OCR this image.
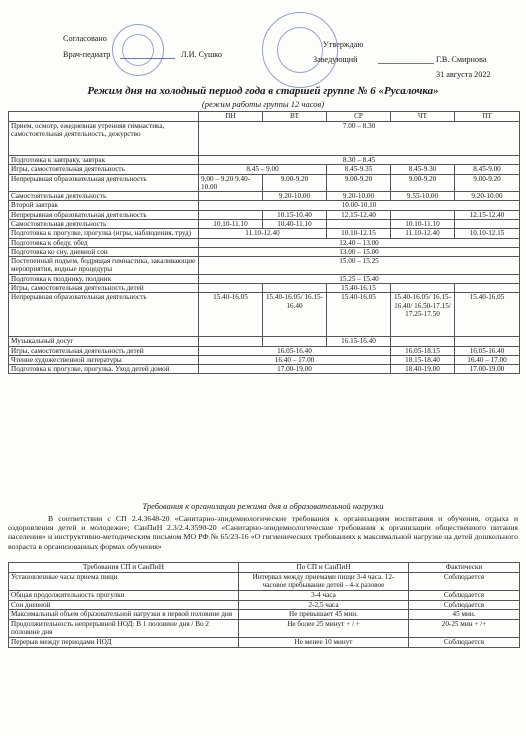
Согласовано
Врач-педиатр	Л.И. Сушко
Утверждаю
Заведующий	Г.В. Смирнова
31 августа 2022
Режим дня на холодный период года в старшей группе № 6 «Русалочка»
(режим работы группы 12 часов)
	ПН	ВТ	СР	ЧТ	ПТ
Прием, осмотр, ежедневная утренняя гимнастика, самостоятельная деятельность, дежурство	7.00 – 8.30				
Подготовка к завтраку, завтрак	8.30 – 8.45				
Игры, самостоятельная деятельность	8.45 – 9.00		8.45-9.35	8.45-9.30	8.45-9.00
Непрерывная образовательная деятельность	9.00 – 9.20 9.40-10.00	9.00-9.20	9.00-9.20	9.00-9.20	9.00-9.20
Самостоятельная деятельность		9.20-10.00	9.20-10.00	9.55-10.00	9.20-10.00
Второй завтрак	10.00-10.10				
Непрерывная образовательная деятельность		10.15-10.40	12.15-12.40		12.15-12.40
Самостоятельная деятельность	10.10-11.10	10.40-11.10		10.10-11.10	
Подготовка к прогулке, прогулка (игры, наблюдения, труд)	11.10-12.40		10.10-12.15	11.10-12.40	10.10-12.15
Подготовка к обеду, обед	12.40 – 13.00				
Подготовка ко сну, дневной сон	13.00 – 15.00				
Постепенный подъем, бодрящая гимнастика, закаливающие мероприятия, водные процедуры	15.00 – 15.25				
Подготовка к полднику, полдник	15.25 – 15.40				
Игры, самостоятельная деятельность детей			15.40-16.15		
Непрерывная образовательная деятельность	15.40-16.05	15.40-16.05/ 16.15-16.40	15.40-16.05	15.40-16.05/ 16.15-16.40/ 16.50-17.15/ 17.25-17.50	15.40-16.05
Музыкальный досуг			16.15-16.40		
Игры, самостоятельная деятельность детей	16.05-16.40			16.05-18.15	16.05-16.40
Чтение художественной литературы	16.40 – 17.00			18.15-18.40	16.40 – 17.00
Подготовка к прогулке, прогулка. Уход детей домой	17.00-19.00			18.40-19.00	17.00-19.00
Требования к организации режима дня и образовательной нагрузки
В соответствии с СП 2.4.3648-20 «Санитарно-эпидемиологические требования к организациям воспитания и обучения, отдыха и оздоровления детей и молодежи»; СанПиН 2.3/2.4.3590-20 «Санитарно-эпидемиологические требования к организации общественного питания населения» и инструктивно-методическим письмом МО РФ № 65/23-16 «О гигиенических требованиях к максимальной нагрузке на детей дошкольного возраста в организованных формах обучения»
Требования СП и СанПиН	По СП и СанПиН	Фактически
Установленные часы приема пищи	Интервал между приемами пищи 3-4 часа. 12-часовое пребывание детей - 4-х разовое	Соблюдается
Общая продолжительность прогулки	3-4 часа	Соблюдается
Сон дневной	2-2,5 часа	Соблюдается
Максимальный объем образовательной нагрузки в первой половине дня	Не превышает 45 мин.	45 мин.
Продолжительность непрерывной НОД: В 1 половине дня / Во 2 половине дня	Не более 25 минут + / +	20-25 мин + /+
Перерыв между периодами НОД	Не менее 10 минут	Соблюдается
